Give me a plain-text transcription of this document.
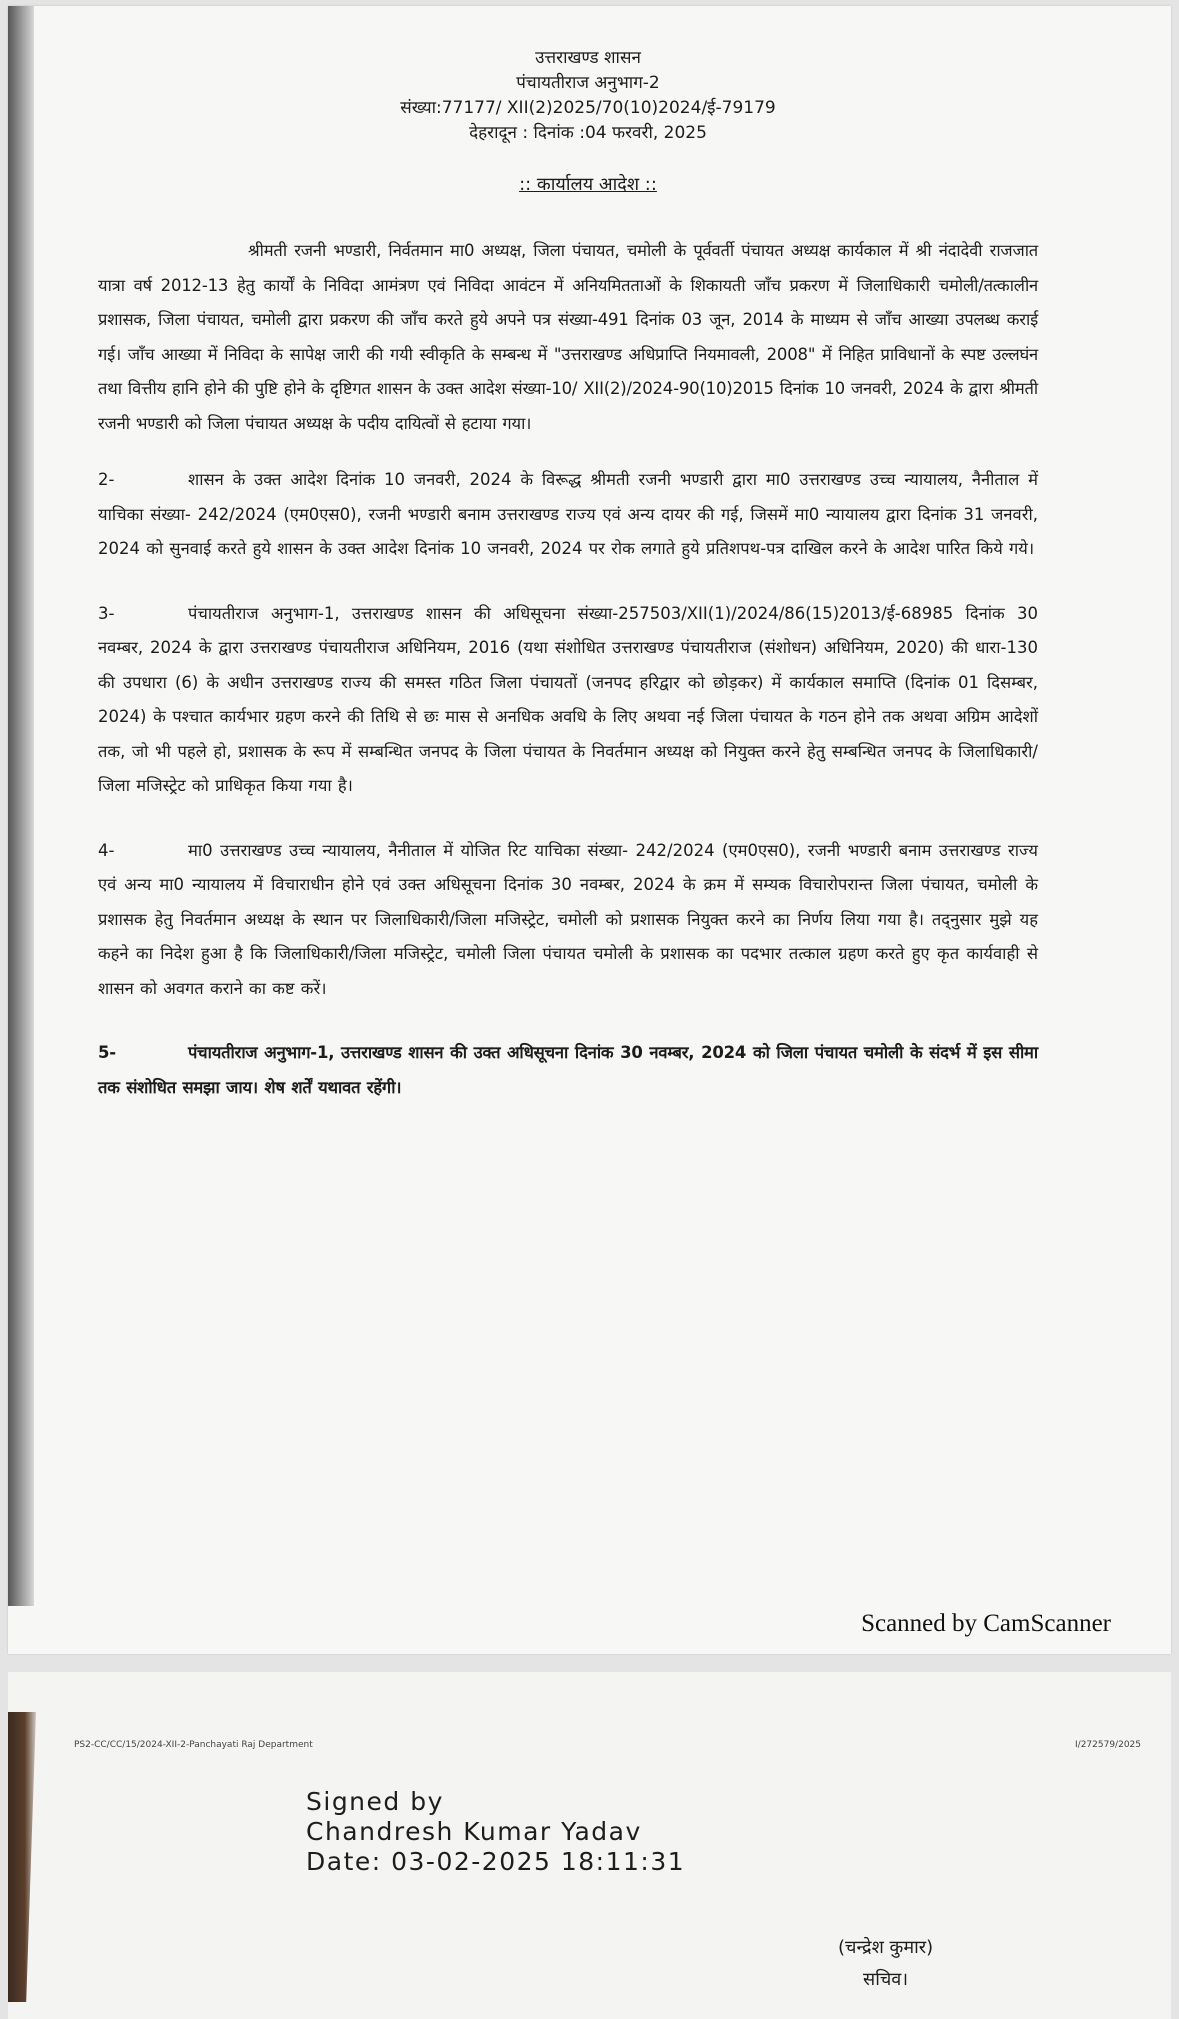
उत्तराखण्ड शासन
पंचायतीराज अनुभाग-2
संख्या:77177/ XII(2)2025/70(10)2024/ई-79179
देहरादून : दिनांक :04 फरवरी, 2025
:: कार्यालय आदेश ::
श्रीमती रजनी भण्डारी, निर्वतमान मा0 अध्यक्ष, जिला पंचायत, चमोली के पूर्ववर्ती पंचायत अध्यक्ष कार्यकाल में श्री नंदादेवी राजजात यात्रा वर्ष 2012-13 हेतु कार्यों के निविदा आमंत्रण एवं निविदा आवंटन में अनियमितताओं के शिकायती जाँच प्रकरण में जिलाधिकारी चमोली/तत्कालीन प्रशासक, जिला पंचायत, चमोली द्वारा प्रकरण की जाँच करते हुये अपने पत्र संख्या-491 दिनांक 03 जून, 2014 के माध्यम से जाँच आख्या उपलब्ध कराई गई। जाँच आख्या में निविदा के सापेक्ष जारी की गयी स्वीकृति के सम्बन्ध में "उत्तराखण्ड अधिप्राप्ति नियमावली, 2008" में निहित प्राविधानों के स्पष्ट उल्लघंन तथा वित्तीय हानि होने की पुष्टि होने के दृष्टिगत शासन के उक्त आदेश संख्या-10/ XII(2)/2024-90(10)2015 दिनांक 10 जनवरी, 2024 के द्वारा श्रीमती रजनी भण्डारी को जिला पंचायत अध्यक्ष के पदीय दायित्वों से हटाया गया।
2-	शासन के उक्त आदेश दिनांक 10 जनवरी, 2024 के विरूद्ध श्रीमती रजनी भण्डारी द्वारा मा0 उत्तराखण्ड उच्च न्यायालय, नैनीताल में याचिका संख्या- 242/2024 (एम0एस0), रजनी भण्डारी बनाम उत्तराखण्ड राज्य एवं अन्य दायर की गई, जिसमें मा0 न्यायालय द्वारा दिनांक 31 जनवरी, 2024 को सुनवाई करते हुये शासन के उक्त आदेश दिनांक 10 जनवरी, 2024 पर रोक लगाते हुये प्रतिशपथ-पत्र दाखिल करने के आदेश पारित किये गये।
3-	पंचायतीराज अनुभाग-1, उत्तराखण्ड शासन की अधिसूचना संख्या-257503/XII(1)/2024/86(15)2013/ई-68985 दिनांक 30 नवम्बर, 2024 के द्वारा उत्तराखण्ड पंचायतीराज अधिनियम, 2016 (यथा संशोधित उत्तराखण्ड पंचायतीराज (संशोधन) अधिनियम, 2020) की धारा-130 की उपधारा (6) के अधीन उत्तराखण्ड राज्य की समस्त गठित जिला पंचायतों (जनपद हरिद्वार को छोड़कर) में कार्यकाल समाप्ति (दिनांक 01 दिसम्बर, 2024) के पश्चात कार्यभार ग्रहण करने की तिथि से छः मास से अनधिक अवधि के लिए अथवा नई जिला पंचायत के गठन होने तक अथवा अग्रिम आदेशों तक, जो भी पहले हो, प्रशासक के रूप में सम्बन्धित जनपद के जिला पंचायत के निवर्तमान अध्यक्ष को नियुक्त करने हेतु सम्बन्धित जनपद के जिलाधिकारी/जिला मजिस्ट्रेट को प्राधिकृत किया गया है।
4-	मा0 उत्तराखण्ड उच्च न्यायालय, नैनीताल में योजित रिट याचिका संख्या- 242/2024 (एम0एस0), रजनी भण्डारी बनाम उत्तराखण्ड राज्य एवं अन्य मा0 न्यायालय में विचाराधीन होने एवं उक्त अधिसूचना दिनांक 30 नवम्बर, 2024 के क्रम में सम्यक विचारोपरान्त जिला पंचायत, चमोली के प्रशासक हेतु निवर्तमान अध्यक्ष के स्थान पर जिलाधिकारी/जिला मजिस्ट्रेट, चमोली को प्रशासक नियुक्त करने का निर्णय लिया गया है। तद्नुसार मुझे यह कहने का निदेश हुआ है कि जिलाधिकारी/जिला मजिस्ट्रेट, चमोली जिला पंचायत चमोली के प्रशासक का पदभार तत्काल ग्रहण करते हुए कृत कार्यवाही से शासन को अवगत कराने का कष्ट करें।
5-	पंचायतीराज अनुभाग-1, उत्तराखण्ड शासन की उक्त अधिसूचना दिनांक 30 नवम्बर, 2024 को जिला पंचायत चमोली के संदर्भ में इस सीमा तक संशोधित समझा जाय। शेष शर्तें यथावत रहेंगी।
Scanned by CamScanner
PS2-CC/CC/15/2024-XII-2-Panchayati Raj Department	I/272579/2025
Signed by
Chandresh Kumar Yadav
Date: 03-02-2025 18:11:31
(चन्द्रेश कुमार)
सचिव।
